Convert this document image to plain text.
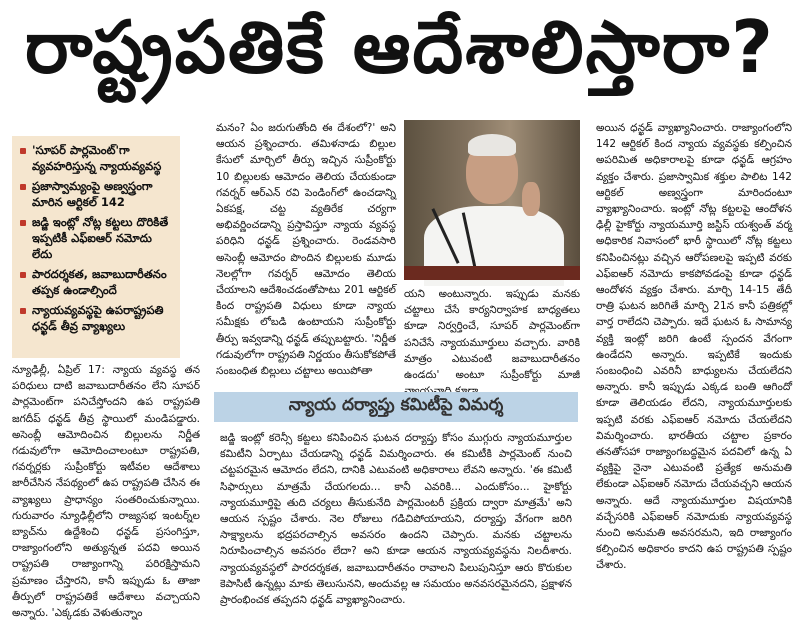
రాష్ట్రపతికే ఆదేశాలిస్తారా?
'సూపర్ పార్లమెంట్'గా వ్యవహరిస్తున్న న్యాయవ్యవస్థ
ప్రజాస్వామ్యంపై అణ్వస్త్రంగా మారిన ఆర్టికల్ 142
జడ్జి ఇంట్లో నోట్ల కట్టలు దొరికితే ఇప్పటికీ ఎఫ్ఐఆర్ నమోదు లేదు
పారదర్శకత, జవాబుదారీతనం తప్పక ఉండాల్సిందే
న్యాయవ్యవస్థపై ఉపరాష్ట్రపతి ధన్ఖడ్ తీవ్ర వ్యాఖ్యలు

న్యూఢిల్లీ, ఏప్రిల్ 17: న్యాయ వ్యవస్థ తన పరిధులు దాటి జవాబుదారీతనం లేని సూపర్ పార్లమెంట్‌గా పనిచేస్తోందని ఉప రాష్ట్రపతి జగదీప్ ధన్ఖడ్ తీవ్ర స్థాయిలో మండిపడ్డారు. అసెంబ్లీ ఆమోదించిన బిల్లులను నిర్ణీత గడువులోగా ఆమోదించాలంటూ రాష్ట్రపతి, గవర్నర్లకు సుప్రీంకోర్టు ఇటీవల ఆదేశాలు జారీచేసిన నేపథ్యంలో ఉప రాష్ట్రపతి చేసిన ఈ వ్యాఖ్యలు ప్రాధాన్యం సంతరించుకున్నాయి. గురువారం న్యూఢిల్లీలోని రాజ్యసభ ఇంటర్న్‌ల బ్యాచ్‌ను ఉద్దేశించి ధన్ఖడ్ ప్రసంగిస్తూ, రాజ్యాంగంలోని అత్యున్నత పదవి అయిన రాష్ట్రపతి రాజ్యాంగాన్ని పరిరక్షిస్తామని ప్రమాణం చేస్తారని, కానీ ఇప్పుడు ఓ తాజా తీర్పులో రాష్ట్రపతికే ఆదేశాలు వచ్చాయని అన్నారు. 'ఎక్కడకు వెళుతున్నాం

మనం? ఏం జరుగుతోంది ఈ దేశంలో?' అని ఆయన ప్రశ్నించారు. తమిళనాడు బిల్లుల కేసులో మార్చిలో తీర్పు ఇచ్చిన సుప్రీంకోర్టు 10 బిల్లులకు ఆమోదం తెలియ చేయకుండా గవర్నర్ ఆర్ఎన్ రవి పెండింగ్‌లో ఉంచడాన్ని ఏకపక్ష, చట్ట వ్యతిరేక చర్యగా అభివర్ణించడాన్ని ప్రస్తావిస్తూ న్యాయ వ్యవస్థ పరిధిని ధన్ఖడ్ ప్రశ్నించారు. రెండవసారి అసెంబ్లీ ఆమోదం పొందిన బిల్లులకు మూడు నెలల్లోగా గవర్నర్ ఆమోదం తెలియ చేయాలని ఆదేశించడంతోపాటు 201 ఆర్టికల్ కింద రాష్ట్రపతి విధులు కూడా న్యాయ సమీక్షకు లోబడి ఉంటాయని సుప్రీంకోర్టు తీర్పు ఇవ్వడాన్ని ధన్ఖడ్ తప్పుబట్టారు. 'నిర్ణీత గడువులోగా రాష్ట్రపతి నిర్ణయం తీసుకోకపోతే సంబంధిత బిల్లులు చట్టాలు అయిపోతా

యని అంటున్నారు. ఇప్పుడు మనకు చట్టాలు చేసే కార్యనిర్వాహక బాధ్యతలు కూడా నిర్వర్తించే, సూపర్ పార్లమెంట్‌గా పనిచేసే న్యాయమూర్తులు వచ్చారు. వారికి మాత్రం ఎటువంటి జవాబుదారీతనం ఉండదు' అంటూ సుప్రీంకోర్టు మాజీ

అయిన ధన్ఖడ్ వ్యాఖ్యానించారు. రాజ్యాంగంలోని 142 ఆర్టికల్ కింద న్యాయ వ్యవస్థకు కల్పించిన అపరిమిత అధికారాలపై కూడా ధన్ఖడ్ ఆగ్రహం వ్యక్తం చేశారు. ప్రజాస్వామిక శక్తుల పాలిట 142 ఆర్టికల్ అణ్వస్త్రంగా మారిందంటూ వ్యాఖ్యానించారు. ఇంట్లో నోట్ల కట్టలపై ఆందోళన ఢిల్లీ హైకోర్టు న్యాయమూర్తి జస్టిస్ యశ్వంత్ వర్మ అధికారిక నివాసంలో భారీ స్థాయిలో నోట్ల కట్టలు కనిపించినట్లు వచ్చిన ఆరోపణలపై ఇప్పటి వరకు ఎఫ్ఐఆర్ నమోదు కాకపోవడంపై కూడా ధన్ఖడ్ ఆందోళన వ్యక్తం చేశారు. మార్చి 14-15 తేదీ రాత్రి ఘటన జరిగితే మార్చి 21న కానీ పత్రికల్లో వార్త రాలేదని చెప్పారు. ఇదే ఘటన ఓ సామాన్య వ్యక్తి ఇంట్లో జరిగి ఉంటే స్పందన వేగంగా ఉండేదని అన్నారు. ఇప్పటికే ఇందుకు సంబంధించి ఎవరినీ బాధ్యులను చేయలేదని అన్నారు. కానీ ఇప్పుడు ఎక్కడ బంతి ఆగిందో కూడా తెలియడం లేదని, న్యాయమూర్తులకు ఇప్పటి వరకు ఎఫ్ఐఆర్ నమోదు చేయలేదని విమర్శించారు. భారతీయ చట్టాల ప్రకారం తనతోసహా రాజ్యాంగబద్ధమైన పదవిలో ఉన్న ఏ వ్యక్తిపై నైనా ఎటువంటి ప్రత్యేక అనుమతి లేకుండా ఎఫ్ఐఆర్ నమోదు చేయవచ్చని ఆయన అన్నారు. ఆదే న్యాయమూర్తుల విషయానికి వచ్చేసరికి ఎఫ్ఐఆర్ నమోదుకు న్యాయవ్యవస్థ నుంచి అనుమతి అవసరమని, ఇది రాజ్యాంగం కల్పించిన అధికారం కాదని ఉప రాష్ట్రపతి స్పష్టం చేశారు.

న్యాయ దర్యాప్తు కమిటీపై విమర్శ

జడ్జి ఇంట్లో కరెన్సీ కట్టలు కనిపించిన ఘటన దర్యాప్తు కోసం ముగ్గురు న్యాయమూర్తుల కమిటీని ఏర్పాటు చేయడాన్ని ధన్ఖడ్ విమర్శించారు. ఈ కమిటీకి పార్లమెంట్ నుంచి చట్టపరమైన ఆమోదం లేదని, దానికి ఎటువంటి అధికారాలు లేవని అన్నారు. 'ఈ కమిటీ సిఫార్సులు మాత్రమే చేయగలదు... కానీ ఎవరికి... ఎందుకోసం... హైకోర్టు న్యాయమూర్తిపై తుది చర్యలు తీసుకునేది పార్లమెంటరీ ప్రక్రియ ద్వారా మాత్రమే' అని ఆయన స్పష్టం చేశారు. నెల రోజులు గడిచిపోయాయని, దర్యాప్తు వేగంగా జరిగి సాక్ష్యాలను భద్రపరచాల్సిన అవసరం ఉందని చెప్పారు. మనకు చట్టాలను నిరూపించాల్సిన అవసరం లేదా? అని కూడా ఆయన న్యాయవ్యవస్థను నిలదీశారు. న్యాయవ్యవస్థలో పారదర్శకత, జవాబుదారీతనం రావాలని పిలుపునిస్తూ ఆరు కొరుకుల కెపాసిటీ ఉన్నట్లు మాకు తెలుసునని, అందువల్ల ఆ సమయం అనవసరమైనదని, ప్రక్షాళన ప్రారంభించక తప్పదని ధన్ఖడ్ వ్యాఖ్యానించారు.
